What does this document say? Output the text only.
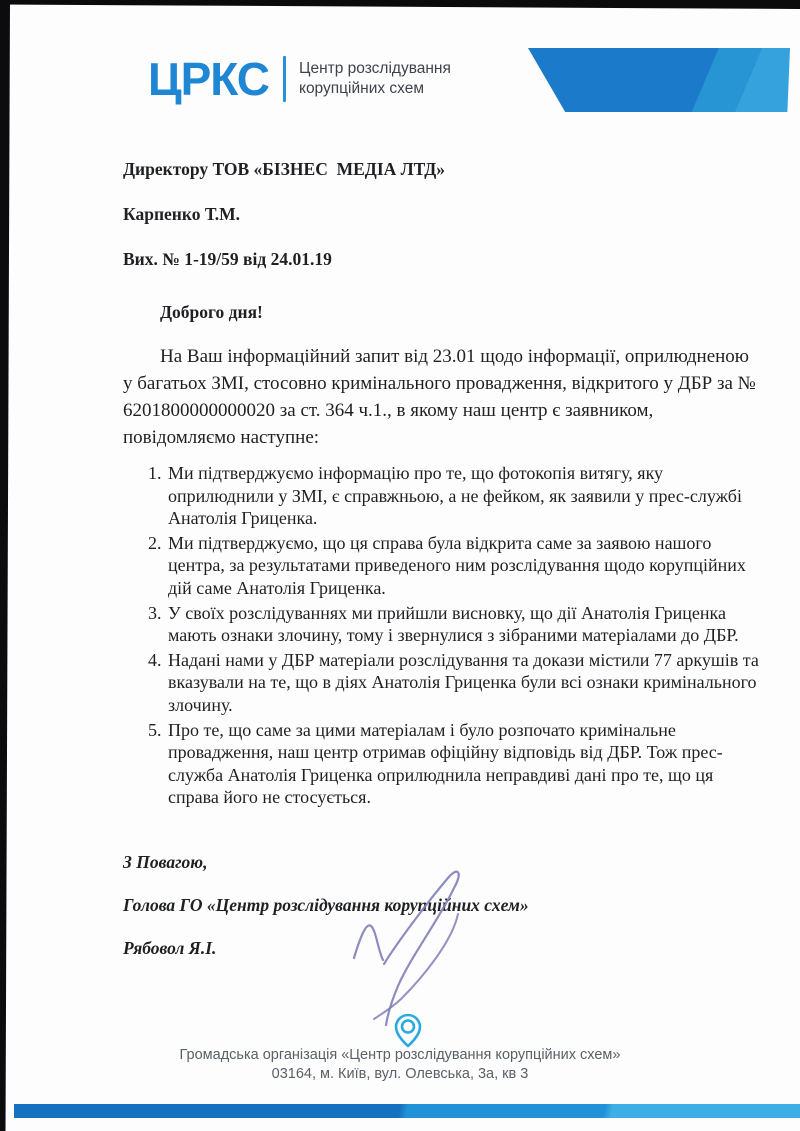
ЦРКС Центр розслідування
корупційних схем

Директору ТОВ «БІЗНЕС  МЕДІА ЛТД»

Карпенко Т.М.

Вих. № 1-19/59 від 24.01.19

Доброго дня!

На Ваш інформаційний запит від 23.01 щодо інформації, оприлюдненою у багатьох ЗМІ, стосовно кримінального провадження, відкритого у ДБР за № 6201800000000020 за ст. 364 ч.1., в якому наш центр є заявником, повідомляємо наступне:

1. Ми підтверджуємо інформацію про те, що фотокопія витягу, яку оприлюднили у ЗМІ, є справжньою, а не фейком, як заявили у прес-службі Анатолія Гриценка.
2. Ми підтверджуємо, що ця справа була відкрита саме за заявою нашого центра, за результатами приведеного ним розслідування щодо корупційних дій саме Анатолія Гриценка.
3. У своїх розслідуваннях ми прийшли висновку, що дії Анатолія Гриценка мають ознаки злочину, тому і звернулися з зібраними матеріалами до ДБР.
4. Надані нами у ДБР матеріали розслідування та докази містили 77 аркушів та вказували на те, що в діях Анатолія Гриценка були всі ознаки кримінального злочину.
5. Про те, що саме за цими матеріалам і було розпочато кримінальне провадження, наш центр отримав офіційну відповідь від ДБР. Тож прес-служба Анатолія Гриценка оприлюднила неправдиві дані про те, що ця справа його не стосується.

З Повагою,

Голова ГО «Центр розслідування корупційних схем»

Рябовол Я.І.

Громадська організація «Центр розслідування корупційних схем»

03164, м. Київ, вул. Олевська, 3а, кв 3
